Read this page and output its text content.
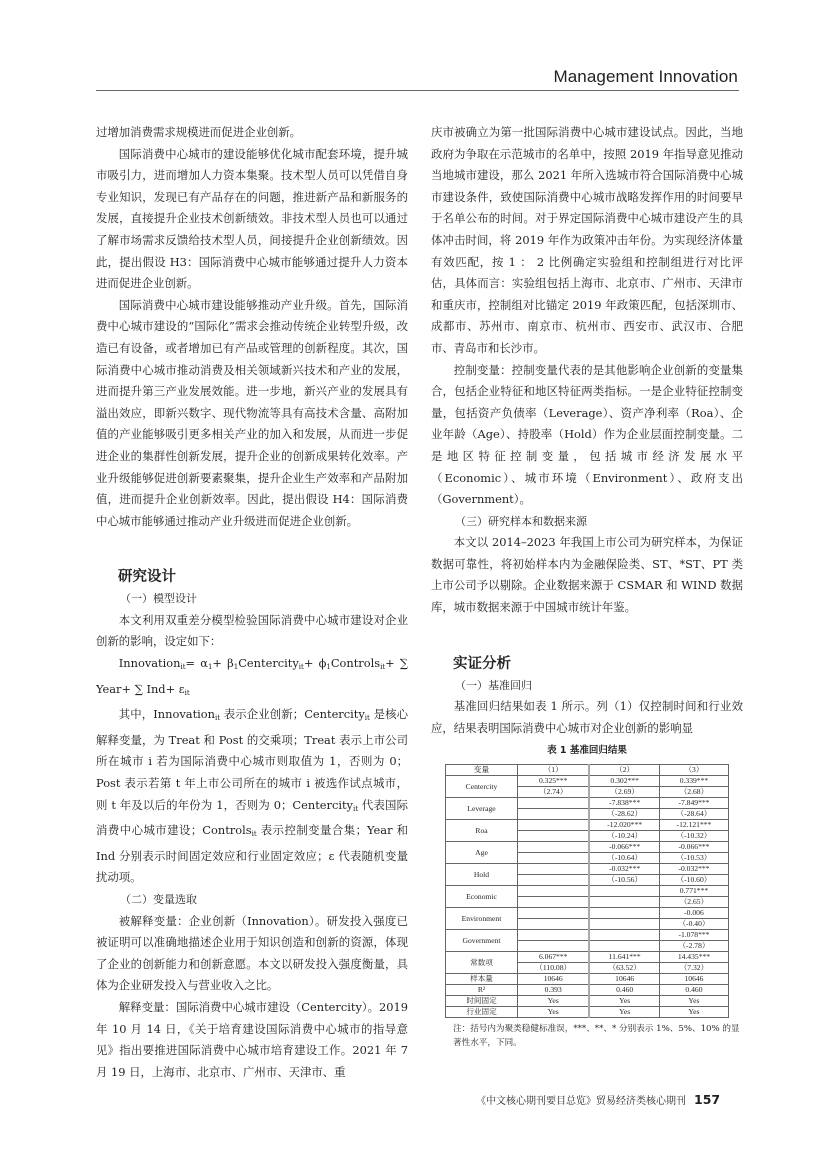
Management Innovation

过增加消费需求规模进而促进企业创新。

国际消费中心城市的建设能够优化城市配套环境，提升城市吸引力，进而增加人力资本集聚。技术型人员可以凭借自身专业知识，发现已有产品存在的问题，推进新产品和新服务的发展，直接提升企业技术创新绩效。非技术型人员也可以通过了解市场需求反馈给技术型人员，间接提升企业创新绩效。因此，提出假设 H3：国际消费中心城市能够通过提升人力资本进而促进企业创新。

国际消费中心城市建设能够推动产业升级。首先，国际消费中心城市建设的“国际化”需求会推动传统企业转型升级，改造已有设备，或者增加已有产品或管理的创新程度。其次，国际消费中心城市推动消费及相关领域新兴技术和产业的发展，进而提升第三产业发展效能。进一步地，新兴产业的发展具有溢出效应，即新兴数字、现代物流等具有高技术含量、高附加值的产业能够吸引更多相关产业的加入和发展，从而进一步促进企业的集群性创新发展，提升企业的创新成果转化效率。产业升级能够促进创新要素聚集，提升企业生产效率和产品附加值，进而提升企业创新效率。因此，提出假设 H4：国际消费中心城市能够通过推动产业升级进而促进企业创新。

研究设计

（一）模型设计

本文利用双重差分模型检验国际消费中心城市建设对企业创新的影响，设定如下：

Innovation$_{it}$= $\alpha_1+$ $\beta_1Centercity_{it}+$ $\phi_1Controls_{it}+$ ∑ Year+ ∑ $Ind+ \varepsilon_{it}$

其中，Innovation$_{it}$ 表示企业创新；Centercity$_{it}$ 是核心解释变量，为 Treat 和 Post 的交乘项；Treat 表示上市公司所在城市 i 若为国际消费中心城市则取值为 1，否则为 0；Post 表示若第 t 年上市公司所在的城市 i 被选作试点城市，则 t 年及以后的年份为 1，否则为 0；Centercity$_{it}$ 代表国际消费中心城市建设；Controls$_{it}$ 表示控制变量合集；Year 和 Ind 分别表示时间固定效应和行业固定效应；ε 代表随机变量扰动项。

（二）变量选取

被解释变量：企业创新（Innovation）。研发投入强度已被证明可以准确地描述企业用于知识创造和创新的资源，体现了企业的创新能力和创新意愿。本文以研发投入强度衡量，具体为企业研发投入与营业收入之比。

解释变量：国际消费中心城市建设（Centercity）。2019 年 10 月 14 日，《关于培育建设国际消费中心城市的指导意见》指出要推进国际消费中心城市培育建设工作。2021 年 7 月 19 日，上海市、北京市、广州市、天津市、重

庆市被确立为第一批国际消费中心城市建设试点。因此，当地政府为争取在示范城市的名单中，按照 2019 年指导意见推动当地城市建设，那么 2021 年所入选城市符合国际消费中心城市建设条件，致使国际消费中心城市战略发挥作用的时间要早于名单公布的时间。对于界定国际消费中心城市建设产生的具体冲击时间，将 2019 年作为政策冲击年份。为实现经济体量有效匹配，按 1 ： 2 比例确定实验组和控制组进行对比评估，具体而言：实验组包括上海市、北京市、广州市、天津市和重庆市，控制组对比锚定 2019 年政策匹配，包括深圳市、成都市、苏州市、南京市、杭州市、西安市、武汉市、合肥市、青岛市和长沙市。

控制变量：控制变量代表的是其他影响企业创新的变量集合，包括企业特征和地区特征两类指标。一是企业特征控制变量，包括资产负债率（Leverage）、资产净利率（Roa）、企业年龄（Age）、持股率（Hold）作为企业层面控制变量。二是地区特征控制变量，包括城市经济发展水平（Economic）、城市环境（Environment）、政府支出（Government）。

（三）研究样本和数据来源

本文以 2014–2023 年我国上市公司为研究样本，为保证数据可靠性，将初始样本内为金融保险类、ST、*ST、PT 类上市公司予以剔除。企业数据来源于 CSMAR 和 WIND 数据库，城市数据来源于中国城市统计年鉴。

实证分析

（一）基准回归

基准回归结果如表 1 所示。列（1）仅控制时间和行业效应，结果表明国际消费中心城市对企业创新的影响显

表 1 基准回归结果
变量	（1）	（2）	（3）
Centercity	0.325***	0.302***	0.339***
	（2.74）	（2.69）	（2.68）
Leverage		-7.838***	-7.849***
		（-28.62）	（-28.64）
Roa		-12.020***	-12.121***
		（-10.24）	（-10.32）
Age		-0.066***	-0.066***
		（-10.64）	（-10.53）
Hold		-0.032***	-0.032***
		（-10.56）	（-10.60）
Economic			0.771***
			（2.65）
Environment			-0.006
			（-0.40）
Government			-1.078***
			（-2.78）
常数项	6.067***	11.641***	14.435***
	（110.08）	（63.52）	（7.32）
样本量	10646	10646	10646
R²	0.393	0.460	0.460
时间固定	Yes	Yes	Yes
行业固定	Yes	Yes	Yes
注：括号内为聚类稳健标准误，***、**、* 分别表示 1%、5%、10% 的显著性水平，下同。
《中文核心期刊要目总览》贸易经济类核心期刊 157
